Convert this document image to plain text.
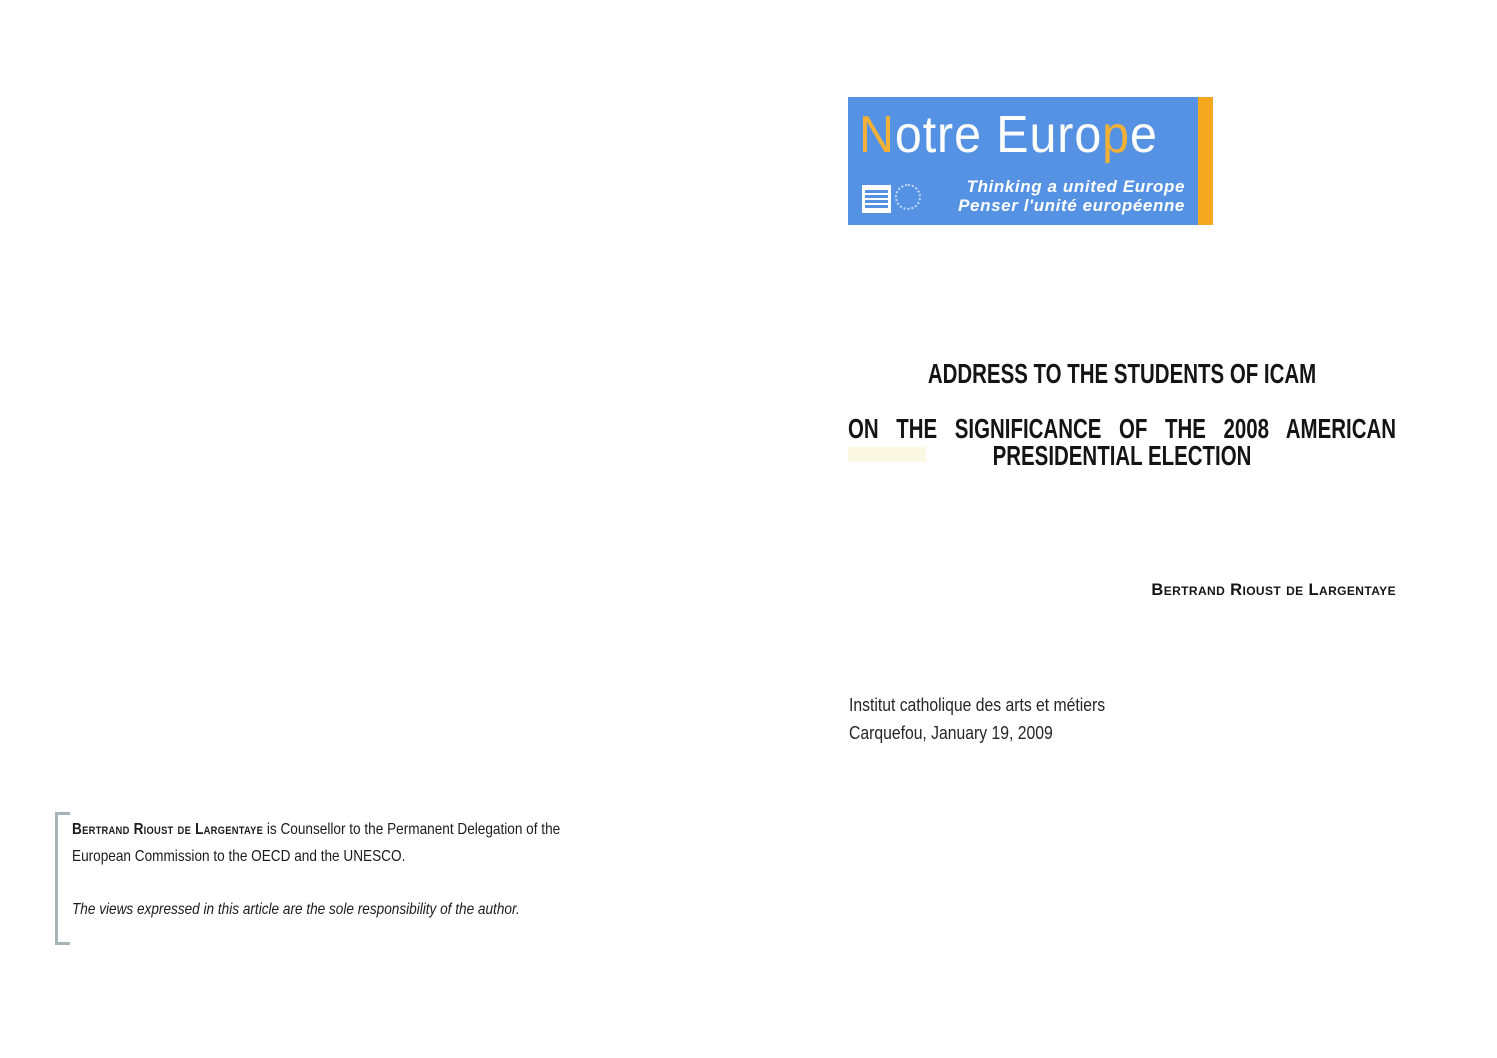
Notre Europe
Thinking a united Europe
Penser l'unité européenne
ADDRESS TO THE STUDENTS OF ICAM
ON THE SIGNIFICANCE OF THE 2008 AMERICAN
PRESIDENTIAL ELECTION
Bertrand Rioust de Largentaye
Institut catholique des arts et métiers
Carquefou, January 19, 2009

Bertrand Rioust de Largentaye is Counsellor to the Permanent Delegation of the European Commission to the OECD and the UNESCO.

The views expressed in this article are the sole responsibility of the author.
